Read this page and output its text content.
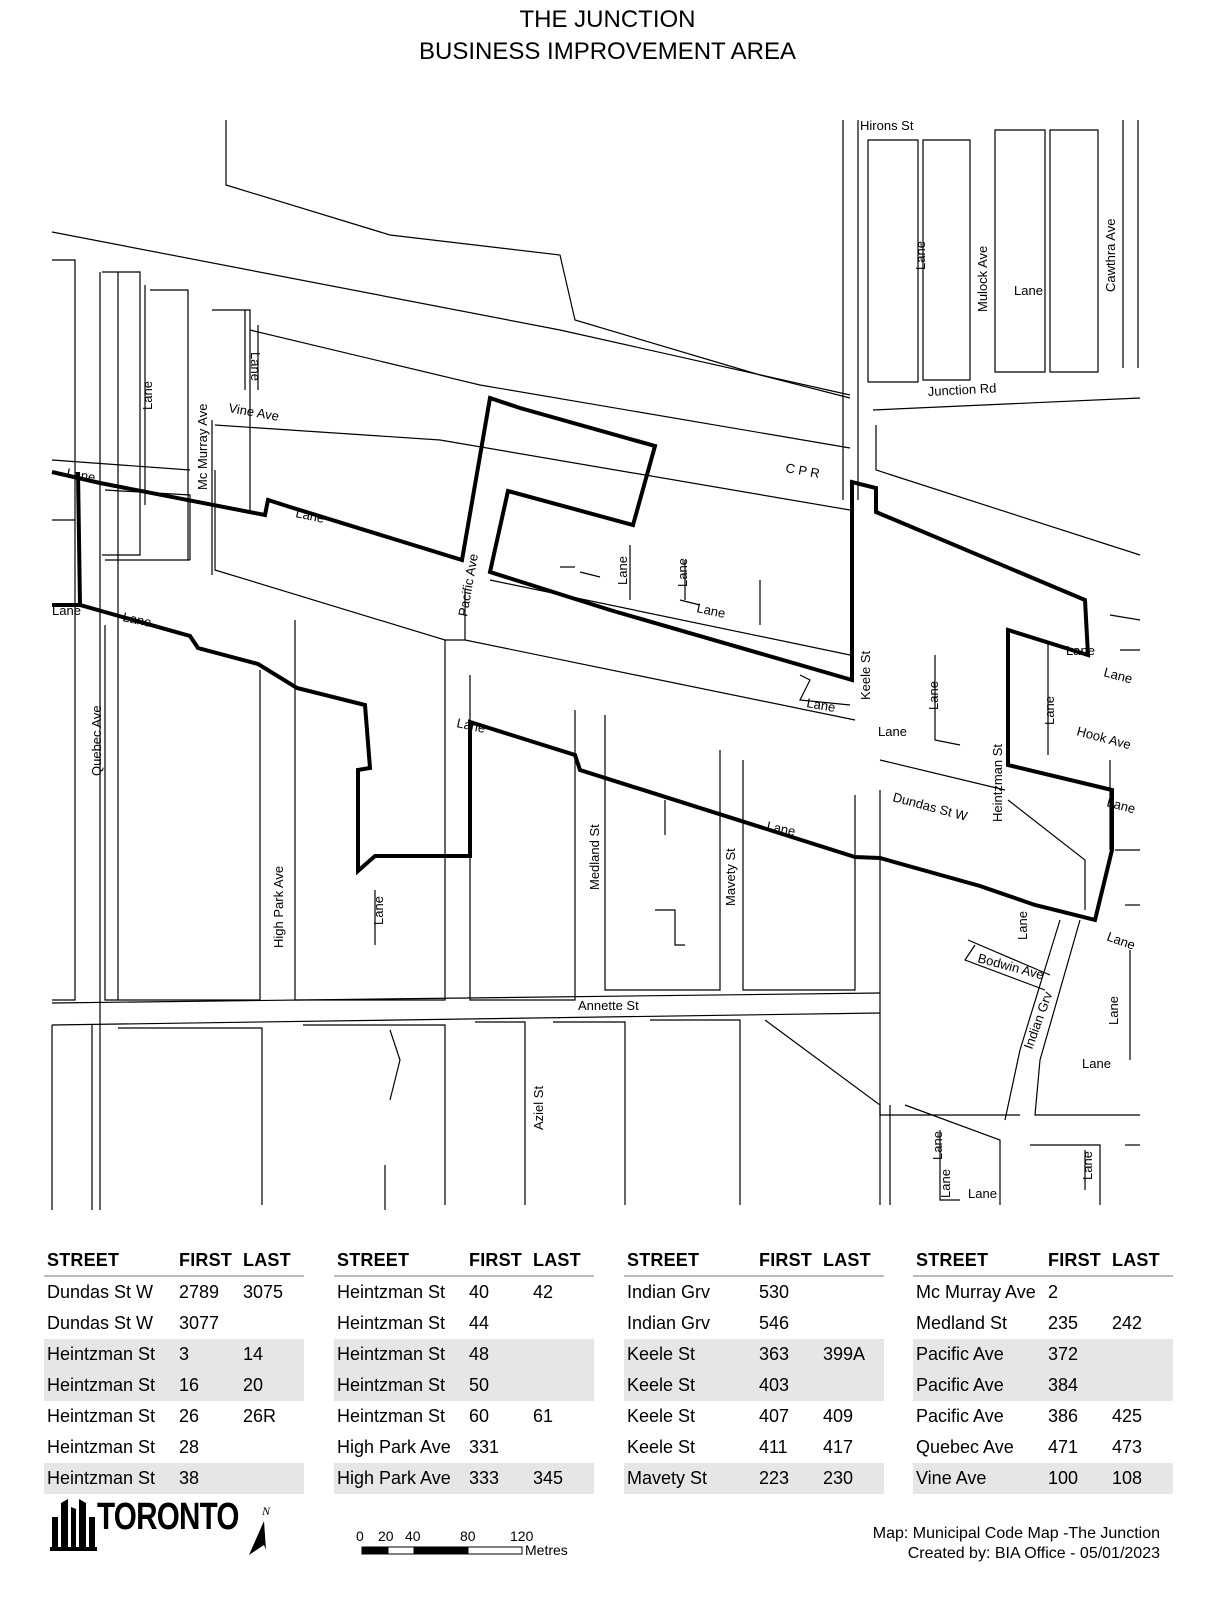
THE JUNCTION
BUSINESS IMPROVEMENT AREA
Hirons St
Mulock Ave	Cawthra Ave
Junction Rd
C P R
Vine Ave
Mc Murray Ave
Pacific Ave
Keele St
Heintzman St
Hook Ave
Dundas St W
Quebec Ave
High Park Ave
Medland St	Mavety St
Annette St
Bodwin Ave
Indian Grv
Aziel St
Lane
Lane
Lane
Lane
Lane
Lane
Lane	Lane
Lane	Lane
Lane
Lane
Lane
Lane
Lane
Lane
Lane
Lane
Lane
Lane
Lane
Lane
Lane
Lane
Lane
Lane
Lane Lane
Lane
STREET	FIRST	LAST
Dundas St W	2789	3075
Dundas St W	3077	
Heintzman St	3	14
Heintzman St	16	20
Heintzman St	26	26R
Heintzman St	28	
Heintzman St	38	
STREET	FIRST	LAST
Heintzman St	40	42
Heintzman St	44	
Heintzman St	48	
Heintzman St	50	
Heintzman St	60	61
High Park Ave	331	
High Park Ave	333	345
STREET	FIRST	LAST
Indian Grv	530	
Indian Grv	546	
Keele St	363	399A
Keele St	403	
Keele St	407	409
Keele St	411	417
Mavety St	223	230
STREET	FIRST	LAST
Mc Murray Ave	2	
Medland St	235	242
Pacific Ave	372	
Pacific Ave	384	
Pacific Ave	386	425
Quebec Ave	471	473
Vine Ave	100	108
TORONTO N
0 20 40	80 120
Metres
Map: Municipal Code Map -The Junction
Created by: BIA Office - 05/01/2023
